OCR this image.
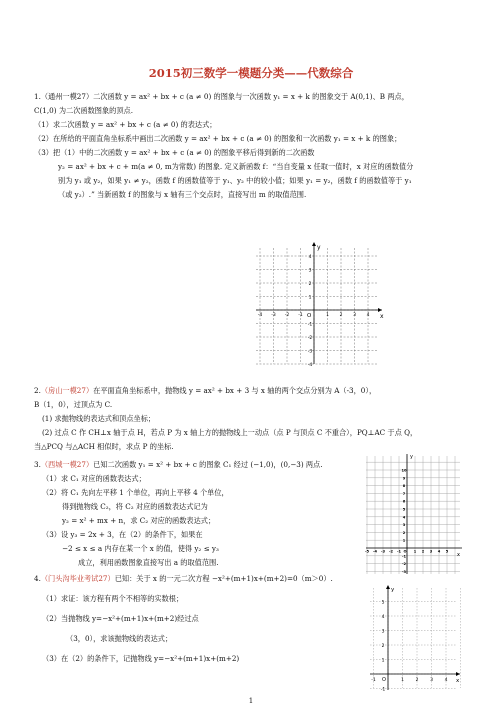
2015初三数学一模题分类——代数综合
1.（通州一模27）二次函数 y = ax² + bx + c (a ≠ 0) 的图象与一次函数 y₁ = x + k 的图象交于 A(0,1)、B 两点，
C(1,0) 为二次函数图象的顶点.
（1）求二次函数 y = ax² + bx + c (a ≠ 0) 的表达式；
（2）在所给的平面直角坐标系中画出二次函数 y = ax² + bx + c (a ≠ 0) 的图象和一次函数 y₁ = x + k 的图象；
（3）把（1）中的二次函数 y = ax² + bx + c (a ≠ 0) 的图象平移后得到新的二次函数
y₂ = ax² + bx + c + m(a ≠ 0, m为常数) 的图象. 定义新函数 f：“当自变量 x 任取一值时，x 对应的函数值分
别为 y₁ 或 y₂，如果 y₁ ≠ y₂，函数 f 的函数值等于 y₁、y₂ 中的较小值；如果 y₁ = y₂，函数 f 的函数值等于 y₁
（或 y₂）.” 当新函数 f 的图象与 x 轴有三个交点时，直接写出 m 的取值范围.
y
x
O
-4 -3 -2 -1	1 2 3 4
4
3
2
1
-1
-2
-3
-4
2.（房山一模27）在平面直角坐标系中，抛物线 y = ax² + bx + 3 与 x 轴的两个交点分别为 A（-3，0），
B（1，0），过顶点为 C.
(1) 求抛物线的表达式和顶点坐标；
(2) 过点 C 作 CH⊥x 轴于点 H，若点 P 为 x 轴上方的抛物线上一动点（点 P 与顶点 C 不重合），PQ⊥AC 于点 Q，
当△PCQ 与△ACH 相似时，求点 P 的坐标.
3.（西城一模27）已知二次函数 y₁ = x² + bx + c 的图象 C₁ 经过 (−1,0)，(0,−3) 两点.
（1）求 C₁ 对应的函数表达式；
（2）将 C₁ 先向左平移 1 个单位，再向上平移 4 个单位，
得到抛物线 C₂，将 C₂ 对应的函数表达式记为
y₂ = x² + mx + n，求 C₂ 对应的函数表达式；
（3）设 y₃ = 2x + 3，在（2）的条件下，如果在
−2 ≤ x ≤ a 内存在某一个 x 的值，使得 y₂ ≤ y₃
成立，利用函数图象直接写出 a 的取值范围.
y
x
-5 -4 -3 -2 -1 O 1 2 3 4 5
10
9
8
7
6
5
4
3
2
1
-1
-2
-3
4.（门头沟毕业考试27）已知：关于 x 的一元二次方程 −x²+(m+1)x+(m+2)=0（m＞0）.
（1）求证：该方程有两个不相等的实数根；
（2）当抛物线 y=−x²+(m+1)x+(m+2)经过点
（3，0），求该抛物线的表达式；
（3）在（2）的条件下，记抛物线 y=−x²+(m+1)x+(m+2)
y
x
O
-1	1	2	3	4
5
4
3
2
1
-1
1
